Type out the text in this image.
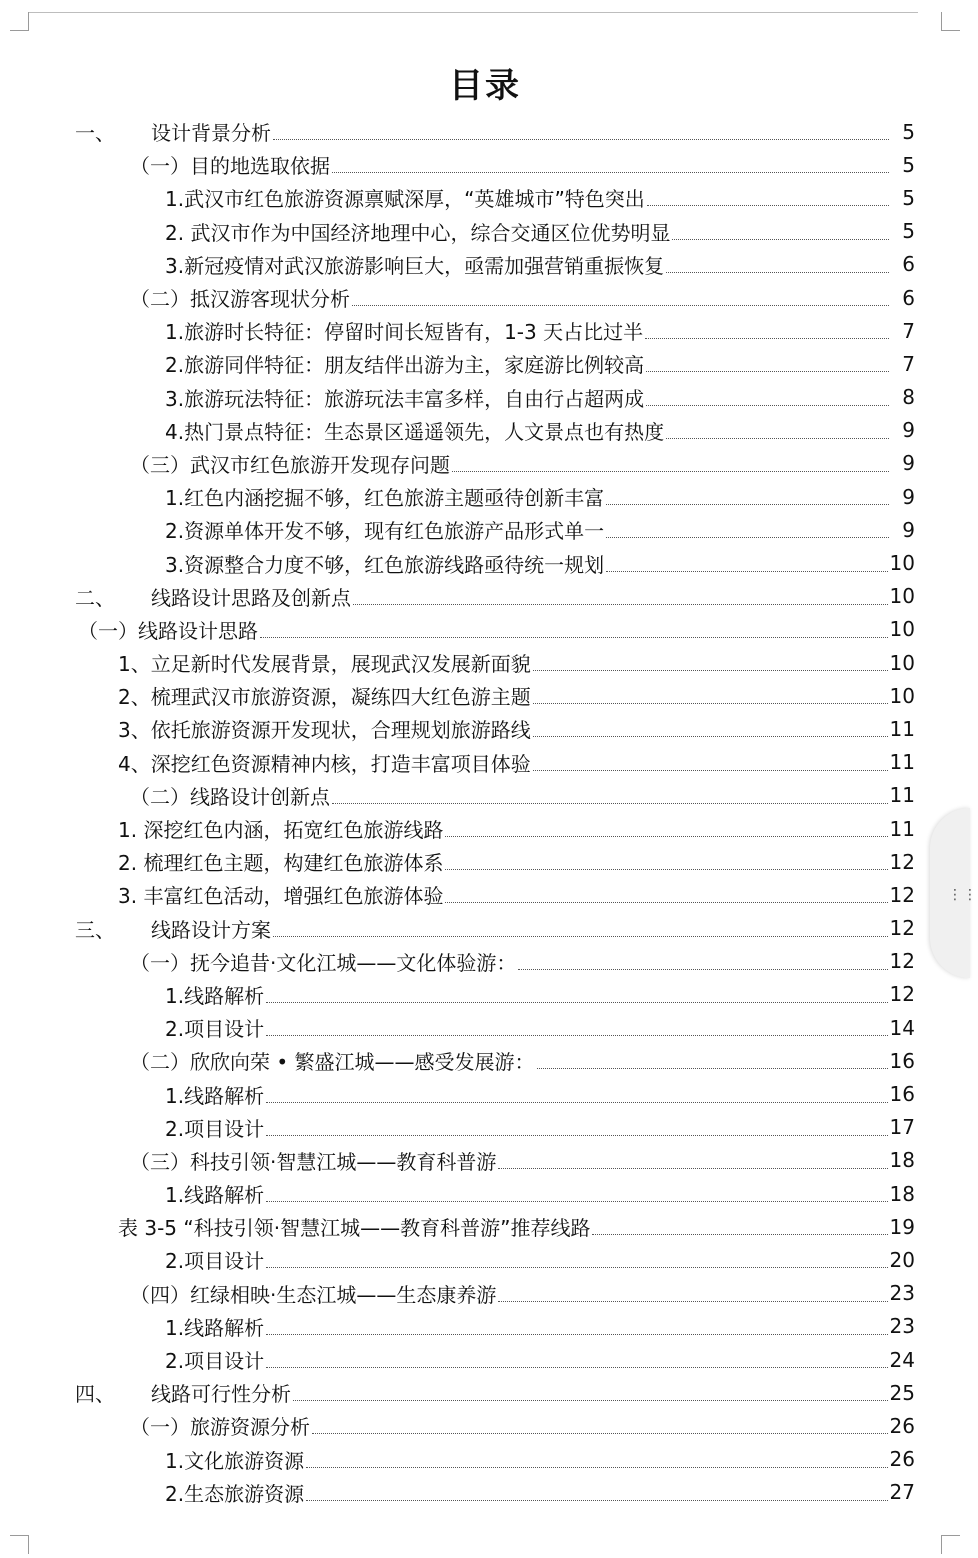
目录
一、 设计背景分析	5
（一）目的地选取依据	5
1.武汉市红色旅游资源禀赋深厚，“英雄城市”特色突出	5
2. 武汉市作为中国经济地理中心，综合交通区位优势明显	5
3.新冠疫情对武汉旅游影响巨大，亟需加强营销重振恢复	6
（二）抵汉游客现状分析	6
1.旅游时长特征：停留时间长短皆有，1-3 天占比过半	7
2.旅游同伴特征：朋友结伴出游为主，家庭游比例较高	7
3.旅游玩法特征：旅游玩法丰富多样，自由行占超两成	8
4.热门景点特征：生态景区遥遥领先，人文景点也有热度	9
（三）武汉市红色旅游开发现存问题	9
1.红色内涵挖掘不够，红色旅游主题亟待创新丰富	9
2.资源单体开发不够，现有红色旅游产品形式单一	9
3.资源整合力度不够，红色旅游线路亟待统一规划	10
二、 线路设计思路及创新点	10
（一）线路设计思路	10
1、立足新时代发展背景，展现武汉发展新面貌	10
2、梳理武汉市旅游资源，凝练四大红色游主题	10
3、依托旅游资源开发现状，合理规划旅游路线	11
4、深挖红色资源精神内核，打造丰富项目体验	11
（二）线路设计创新点	11
1. 深挖红色内涵，拓宽红色旅游线路	11
2. 梳理红色主题，构建红色旅游体系	12
3. 丰富红色活动，增强红色旅游体验	12
三、 线路设计方案	12
（一）抚今追昔·文化江城——文化体验游：	12
1.线路解析	12
2.项目设计	14
（二）欣欣向荣 • 繁盛江城——感受发展游：	16
1.线路解析	16
2.项目设计	17
（三）科技引领·智慧江城——教育科普游	18
1.线路解析	18
表 3-5 “科技引领·智慧江城——教育科普游”推荐线路	19
2.项目设计	20
（四）红绿相映·生态江城——生态康养游	23
1.线路解析	23
2.项目设计	24
四、 线路可行性分析	25
（一）旅游资源分析	26
1.文化旅游资源	26
2.生态旅游资源	27
⋮⋮
